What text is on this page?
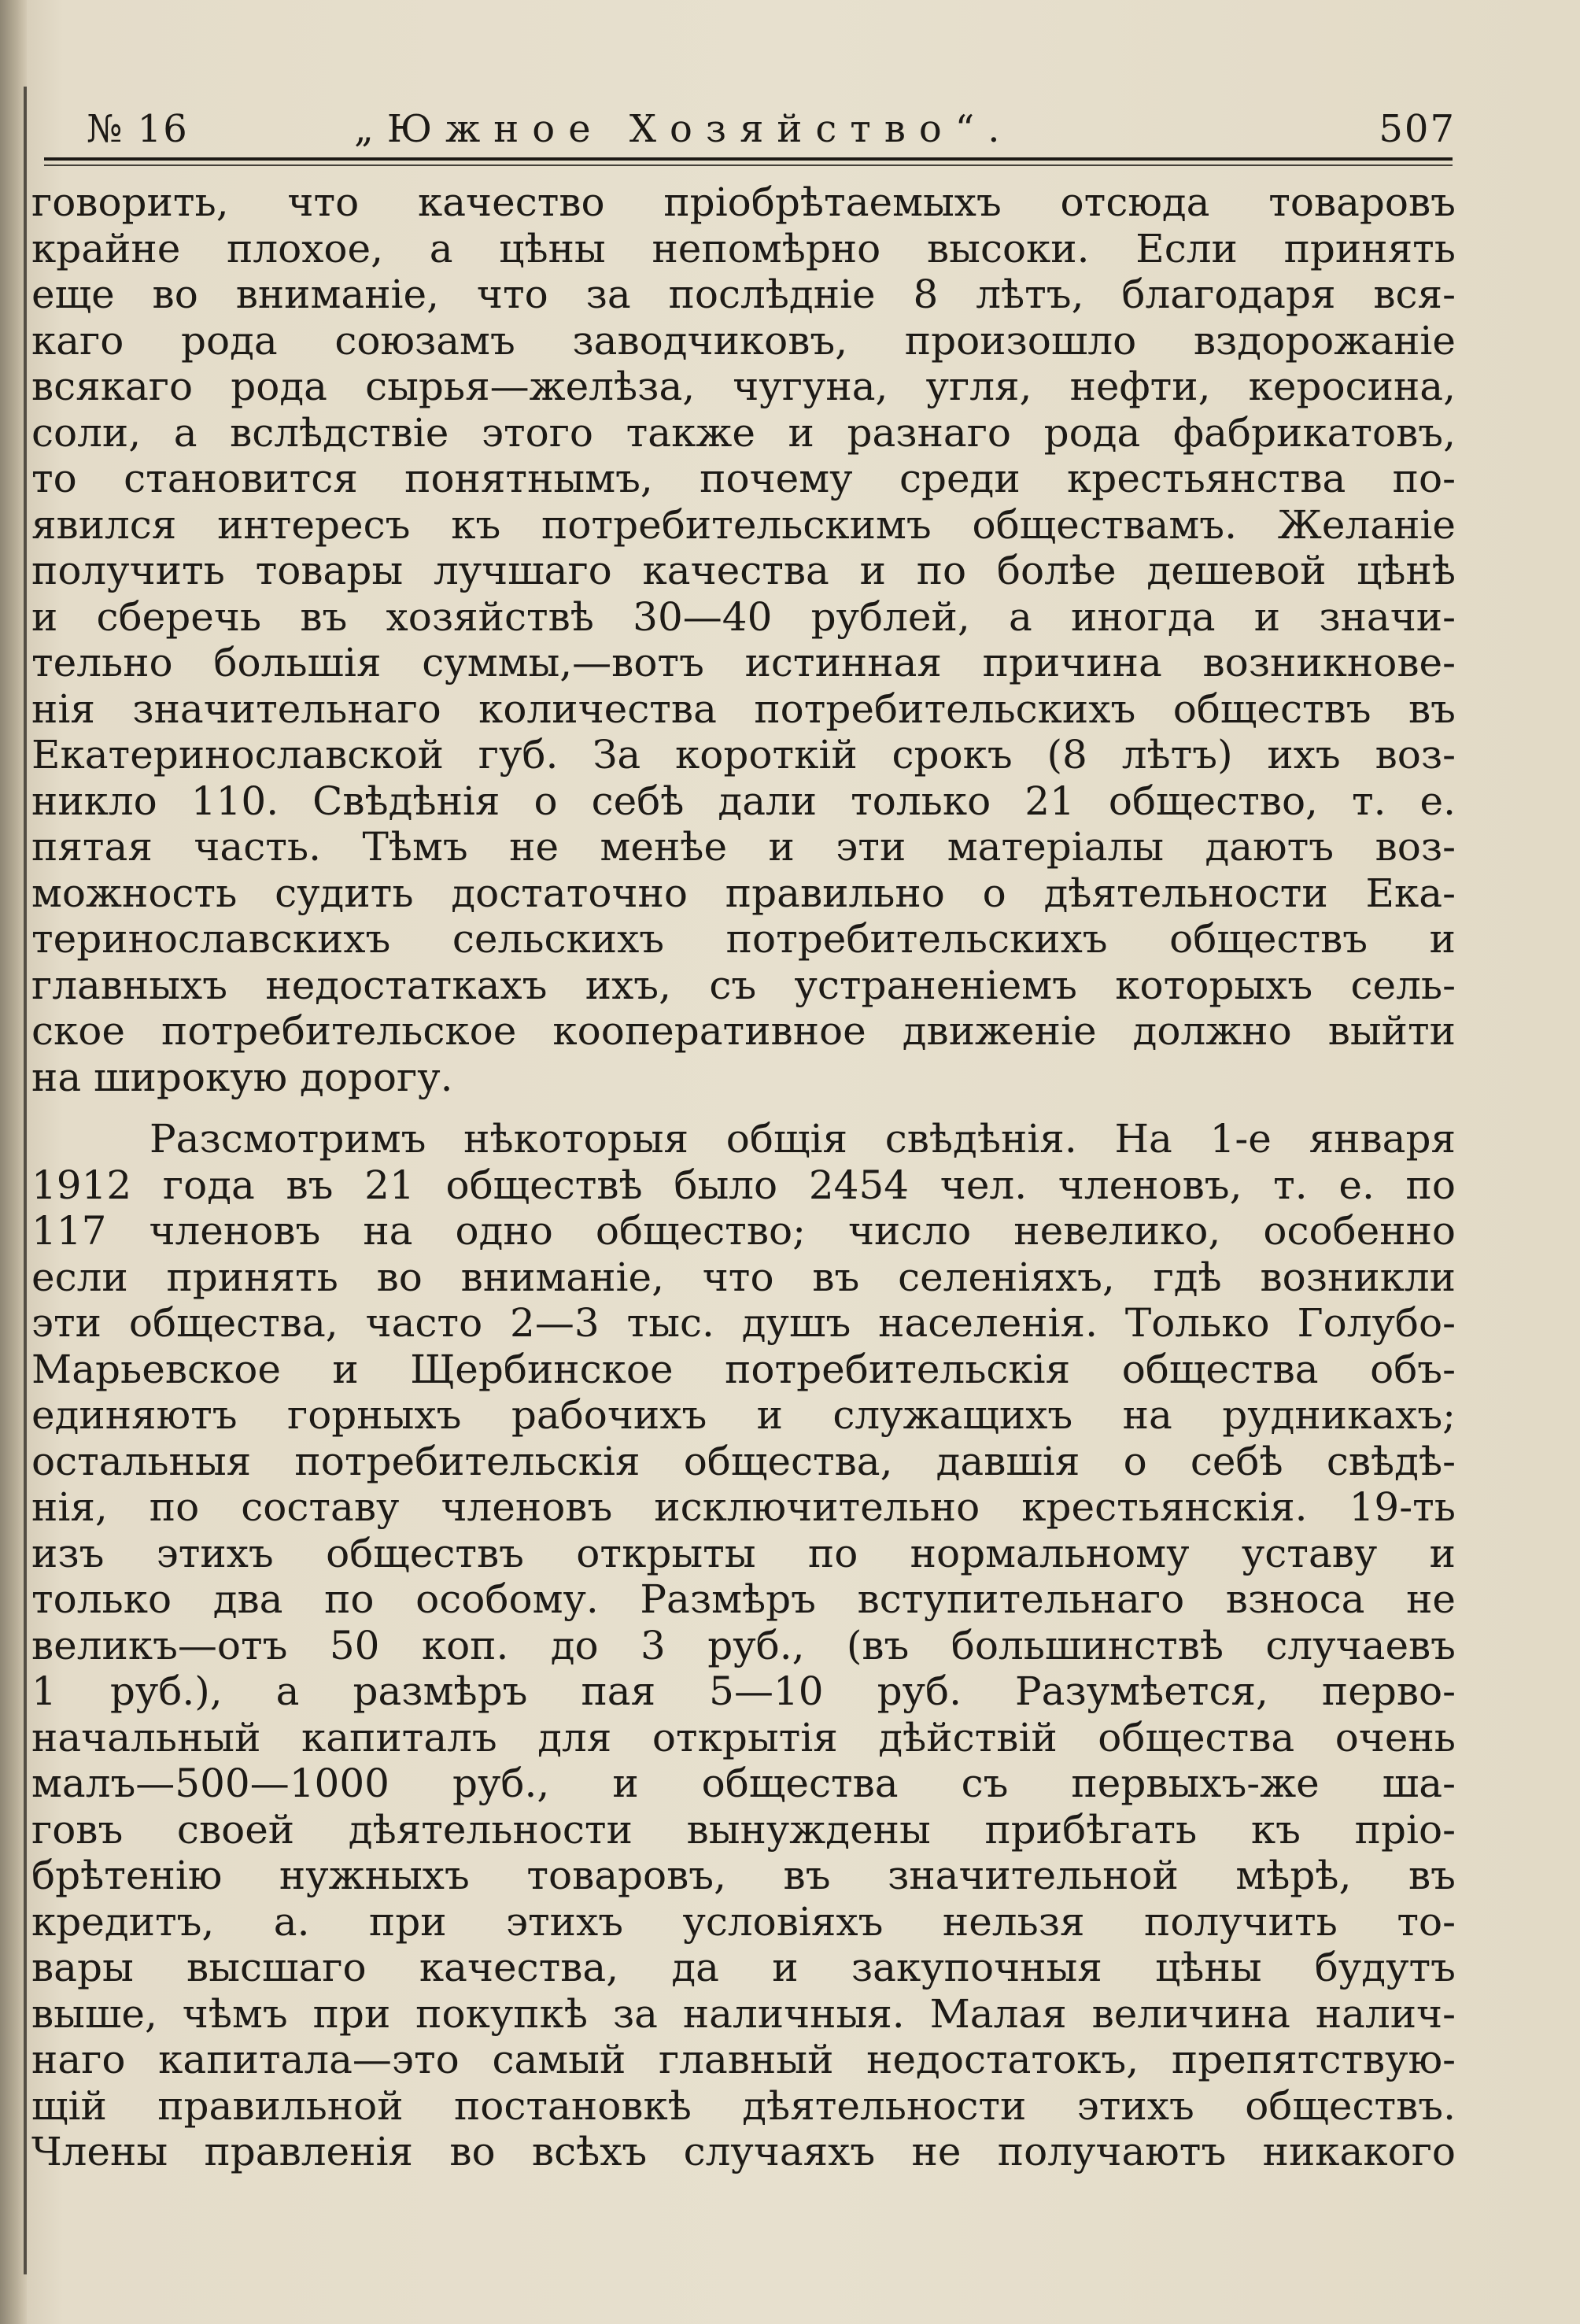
№ 16	„Южное Хозяйство“.	507
говорить, что качество пріобрѣтаемыхъ отсюда товаровъ
крайне плохое, а цѣны непомѣрно высоки. Если принять
еще во вниманіе, что за послѣдніе 8 лѣтъ, благодаря вся-
каго рода союзамъ заводчиковъ, произошло вздорожаніе
всякаго рода сырья—желѣза, чугуна, угля, нефти, керосина,
соли, а вслѣдствіе этого также и разнаго рода фабрикатовъ,
то становится понятнымъ, почему среди крестьянства по-
явился интересъ къ потребительскимъ обществамъ. Желаніе
получить товары лучшаго качества и по болѣе дешевой цѣнѣ
и сберечь въ хозяйствѣ 30—40 рублей, а иногда и значи-
тельно большія суммы,—вотъ истинная причина возникнове-
нія значительнаго количества потребительскихъ обществъ въ
Екатеринославской губ. За короткій срокъ (8 лѣтъ) ихъ воз-
никло 110. Свѣдѣнія о себѣ дали только 21 общество, т. е.
пятая часть. Тѣмъ не менѣе и эти матеріалы даютъ воз-
можность судить достаточно правильно о дѣятельности Ека-
теринославскихъ сельскихъ потребительскихъ обществъ и
главныхъ недостаткахъ ихъ, съ устраненіемъ которыхъ сель-
ское потребительское кооперативное движеніе должно выйти
на широкую дорогу.
Разсмотримъ нѣкоторыя общія свѣдѣнія. На 1-е января
1912 года въ 21 обществѣ было 2454 чел. членовъ, т. е. по
117 членовъ на одно общество; число невелико, особенно
если принять во вниманіе, что въ селеніяхъ, гдѣ возникли
эти общества, часто 2—3 тыс. душъ населенія. Только Голубо-
Марьевское и Щербинское потребительскія общества объ-
единяютъ горныхъ рабочихъ и служащихъ на рудникахъ;
остальныя потребительскія общества, давшія о себѣ свѣдѣ-
нія, по составу членовъ исключительно крестьянскія. 19-ть
изъ этихъ обществъ открыты по нормальному уставу и
только два по особому. Размѣръ вступительнаго взноса не
великъ—отъ 50 коп. до 3 руб., (въ большинствѣ случаевъ
1 руб.), а размѣръ пая 5—10 руб. Разумѣется, перво-
начальный капиталъ для открытія дѣйствій общества очень
малъ—500—1000 руб., и общества съ первыхъ-же ша-
говъ своей дѣятельности вынуждены прибѣгать къ пріо-
брѣтенію нужныхъ товаровъ, въ значительной мѣрѣ, въ
кредитъ, а. при этихъ условіяхъ нельзя получить то-
вары высшаго качества, да и закупочныя цѣны будутъ
выше, чѣмъ при покупкѣ за наличныя. Малая величина налич-
наго капитала—это самый главный недостатокъ, препятствую-
щій правильной постановкѣ дѣятельности этихъ обществъ.
Члены правленія во всѣхъ случаяхъ не получаютъ никакого
